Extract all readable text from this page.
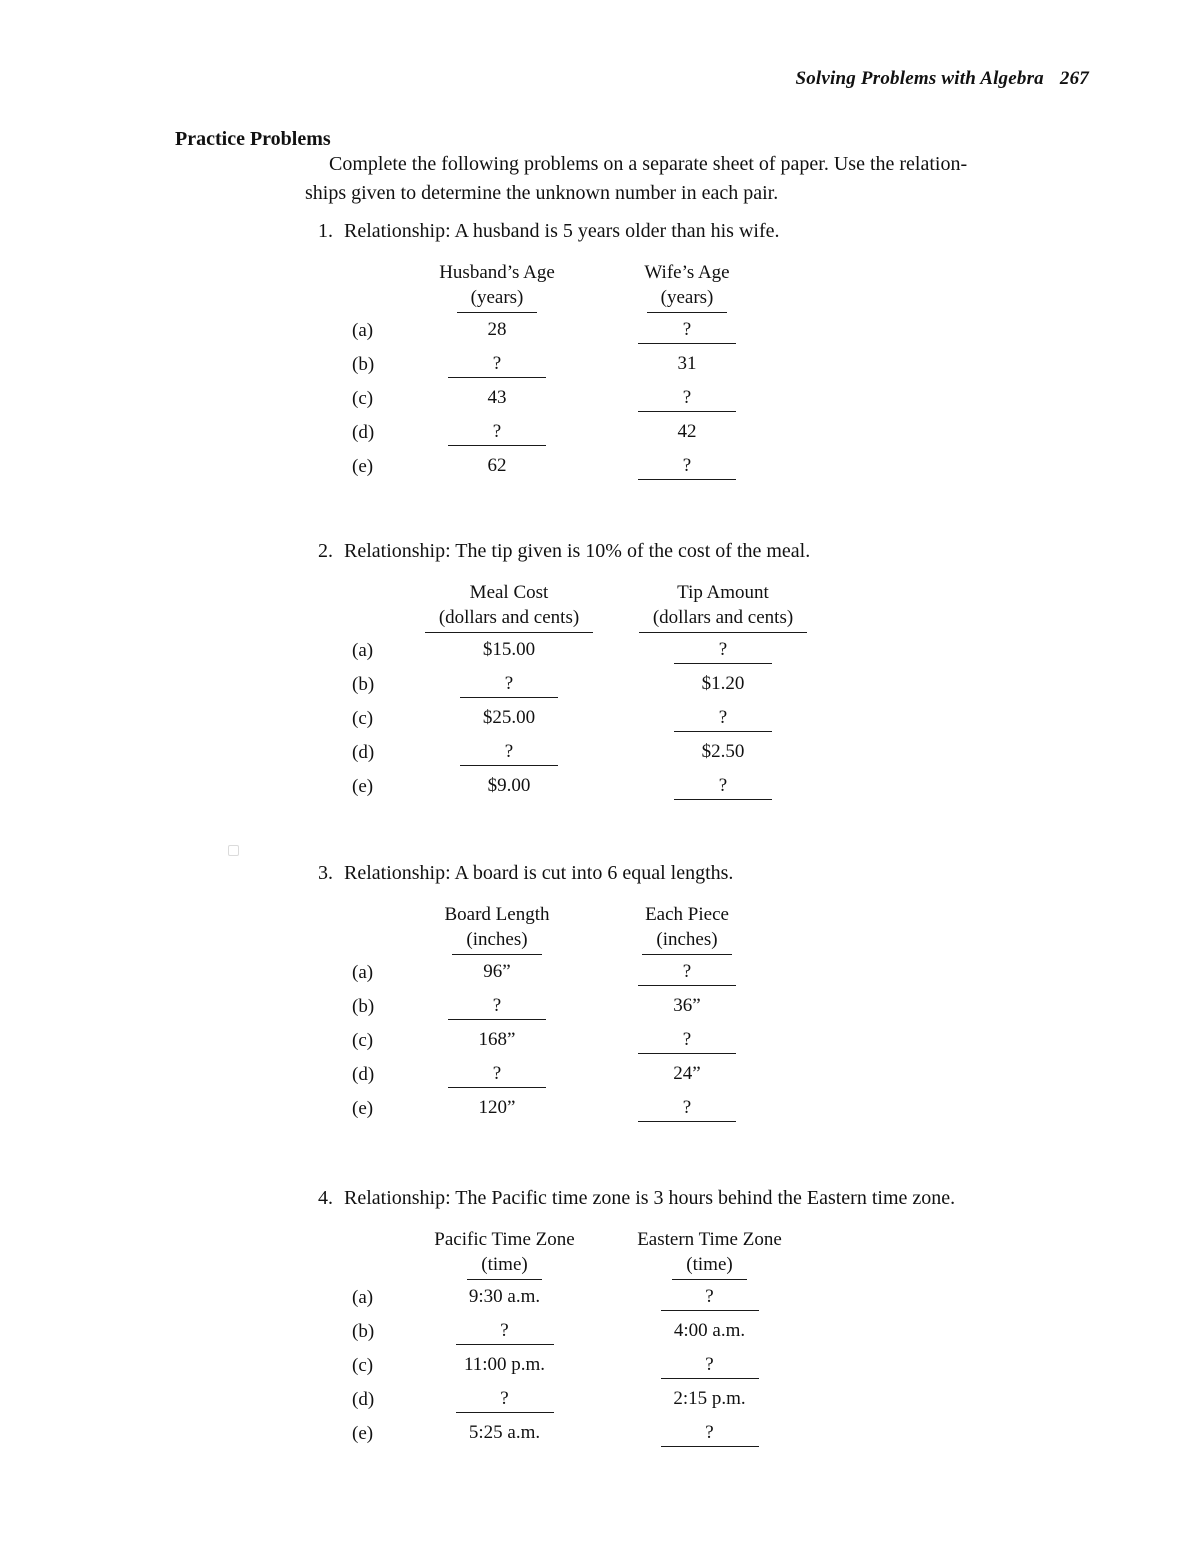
Solving Problems with Algebra 267
Practice Problems
Complete the following problems on a separate sheet of paper. Use the relation-
ships given to determine the unknown number in each pair.
1. Relationship: A husband is 5 years older than his wife.

Husband’s Age
(years)

Wife’s Age
(years)

(a)	28	?
(b)	?	31
(c)	43	?
(d)	?	42
(e)	62	?
2. Relationship: The tip given is 10% of the cost of the meal.

Meal Cost
(dollars and cents)

Tip Amount
(dollars and cents)

(a)	$15.00	?
(b)	?	$1.20
(c)	$25.00	?
(d)	?	$2.50
(e)	$9.00	?
3. Relationship: A board is cut into 6 equal lengths.

Board Length
(inches)

Each Piece
(inches)

(a)	96”	?
(b)	?	36”
(c)	168”	?
(d)	?	24”
(e)	120”	?
4. Relationship: The Pacific time zone is 3 hours behind the Eastern time zone.

Pacific Time Zone
(time)

Eastern Time Zone
(time)

(a)	9:30 a.m.	?
(b)	?	4:00 a.m.
(c)	11:00 p.m.	?
(d)	?	2:15 p.m.
(e)	5:25 a.m.	?
